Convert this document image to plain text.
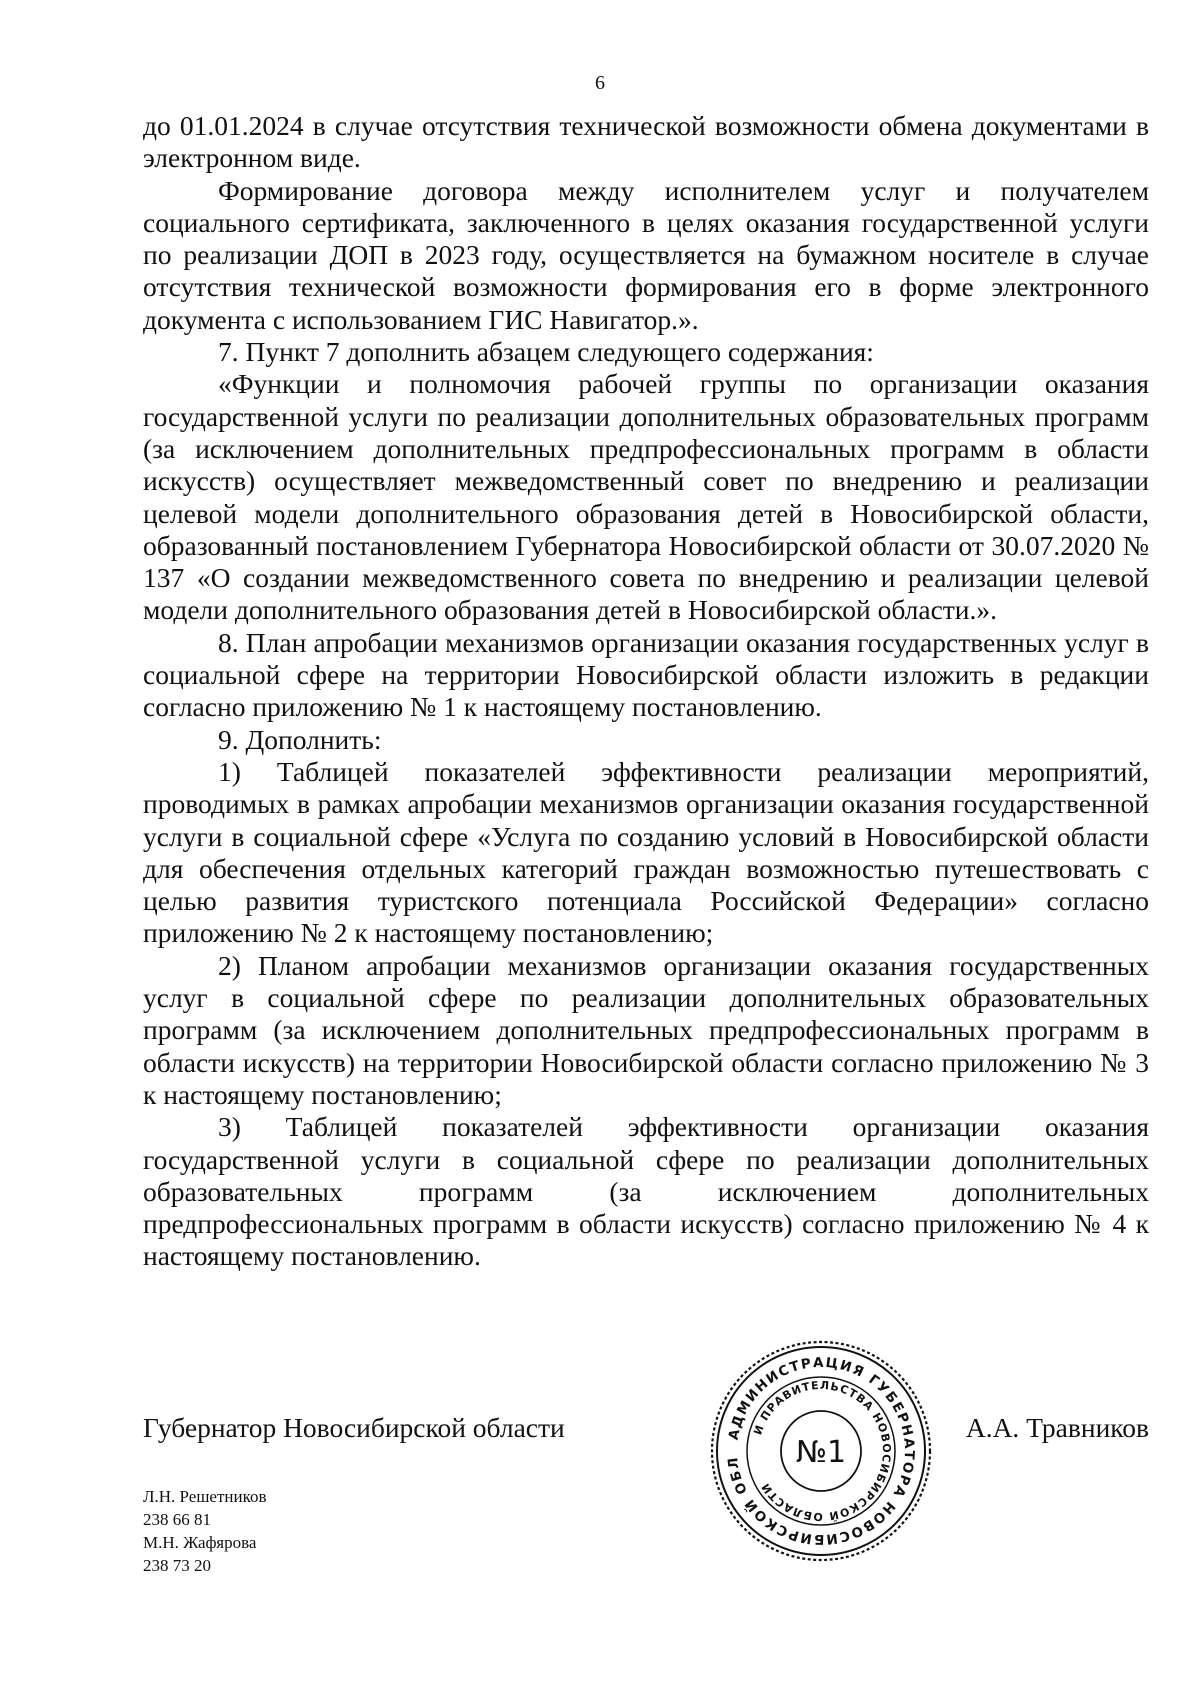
6

до 01.01.2024 в случае отсутствия технической возможности обмена документами в электронном виде.

Формирование договора между исполнителем услуг и получателем социального сертификата, заключенного в целях оказания государственной услуги по реализации ДОП в 2023 году, осуществляется на бумажном носителе в случае отсутствия технической возможности формирования его в форме электронного документа с использованием ГИС Навигатор.».

7. Пункт 7 дополнить абзацем следующего содержания:

«Функции и полномочия рабочей группы по организации оказания государственной услуги по реализации дополнительных образовательных программ (за исключением дополнительных предпрофессиональных программ в области искусств) осуществляет межведомственный совет по внедрению и реализации целевой модели дополнительного образования детей в Новосибирской области, образованный постановлением Губернатора Новосибирской области от 30.07.2020 № 137 «О создании межведомственного совета по внедрению и реализации целевой модели дополнительного образования детей в Новосибирской области.».

8. План апробации механизмов организации оказания государственных услуг в социальной сфере на территории Новосибирской области изложить в редакции согласно приложению № 1 к настоящему постановлению.

9. Дополнить:

1) Таблицей показателей эффективности реализации мероприятий, проводимых в рамках апробации механизмов организации оказания государственной услуги в социальной сфере «Услуга по созданию условий в Новосибирской области для обеспечения отдельных категорий граждан возможностью путешествовать с целью развития туристского потенциала Российской Федерации» согласно приложению № 2 к настоящему постановлению;

2) Планом апробации механизмов организации оказания государственных услуг в социальной сфере по реализации дополнительных образовательных программ (за исключением дополнительных предпрофессиональных программ в области искусств) на территории Новосибирской области согласно приложению № 3 к настоящему постановлению;

3) Таблицей показателей эффективности организации оказания государственной услуги в социальной сфере по реализации дополнительных образовательных программ (за исключением дополнительных предпрофессиональных программ в области искусств) согласно приложению № 4 к настоящему постановлению.

Губернатор Новосибирской области	А.А. Травников
АДМИНИСТРАЦИЯ ГУБЕРНАТОРА НОВОСИБИРСКОЙ ОБЛ
И ПРАВИТЕЛЬСТВА НОВОСИБИРСКОЙ ОБЛАСТИ
№1
Л.Н. Решетников
238 66 81
М.Н. Жафярова
238 73 20
